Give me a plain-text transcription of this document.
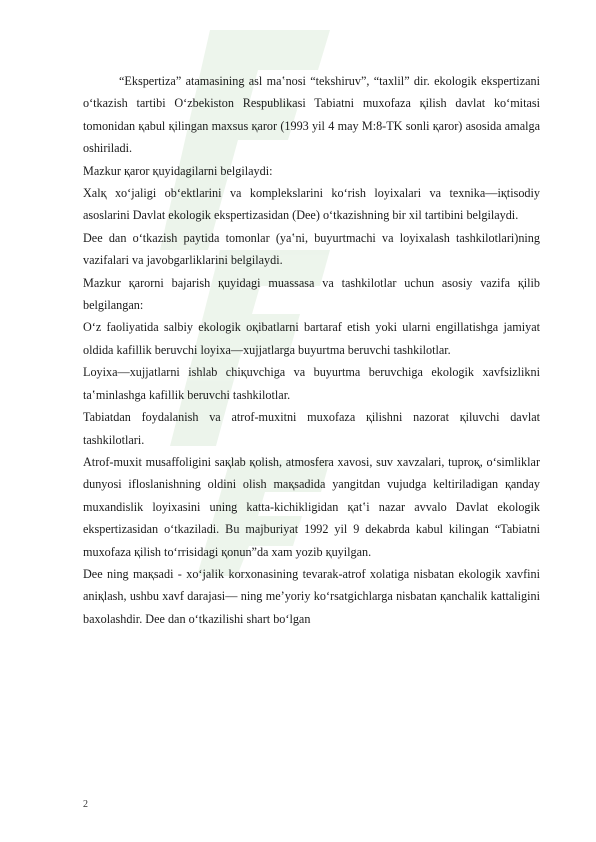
“Ekspertiza” atamasining asl maʽnosi “tekshiruv”, “taxlil” dir. ekologik ekspertizani oʻtkazish tartibi Oʻzbekiston Respublikasi Tabiatni muxofaza қilish davlat koʻmitasi tomonidan қabul қilingan maxsus қaror (1993 yil 4 may M:8-TK sonli қaror) asosida amalga oshiriladi.

Mazkur қaror қuyidagilarni belgilaydi:

Xalқ xoʻjaligi obʻektlarini va komplekslarini koʻrish loyixalari va texnika—iқtisodiy asoslarini Davlat ekologik ekspertizasidan (Dee) oʻtkazishning bir xil tartibini belgilaydi.

Dee dan oʻtkazish paytida tomonlar (yaʽni, buyurtmachi va loyixalash tashkilotlari)ning vazifalari va javobgarliklarini belgilaydi.

Mazkur қarorni bajarish қuyidagi muassasa va tashkilotlar uchun asosiy vazifa қilib belgilangan:

Oʻz faoliyatida salbiy ekologik oқibatlarni bartaraf etish yoki ularni engillatishga jamiyat oldida kafillik beruvchi loyixa—xujjatlarga buyurtma beruvchi tashkilotlar.

Loyixa—xujjatlarni ishlab chiқuvchiga va buyurtma beruvchiga ekologik xavfsizlikni taʽminlashga kafillik beruvchi tashkilotlar.

Tabiatdan foydalanish va atrof-muxitni muxofaza қilishni nazorat қiluvchi davlat tashkilotlari.

Atrof-muxit musaffoligini saқlab қolish, atmosfera xavosi, suv xavzalari, tuproқ, oʻsimliklar dunyosi ifloslanishning oldini olish maқsadida yangitdan vujudga keltiriladigan қanday muxandislik loyixasini uning katta-kichikligidan қatʽi nazar avvalo Davlat ekologik ekspertizasidan oʻtkaziladi. Bu majburiyat 1992 yil 9 dekabrda kabul kilingan “Tabiatni muxofaza қilish toʻrrisidagi қonun”da xam yozib қuyilgan.

Dee ning maқsadi - xoʻjalik korxonasining tevarak-atrof xolatiga nisbatan ekologik xavfini aniқlash, ushbu xavf darajasi— ning meʼyoriy koʻrsatgichlarga nisbatan қanchalik kattaligini baxolashdir. Dee dan oʻtkazilishi shart boʻlgan

2
